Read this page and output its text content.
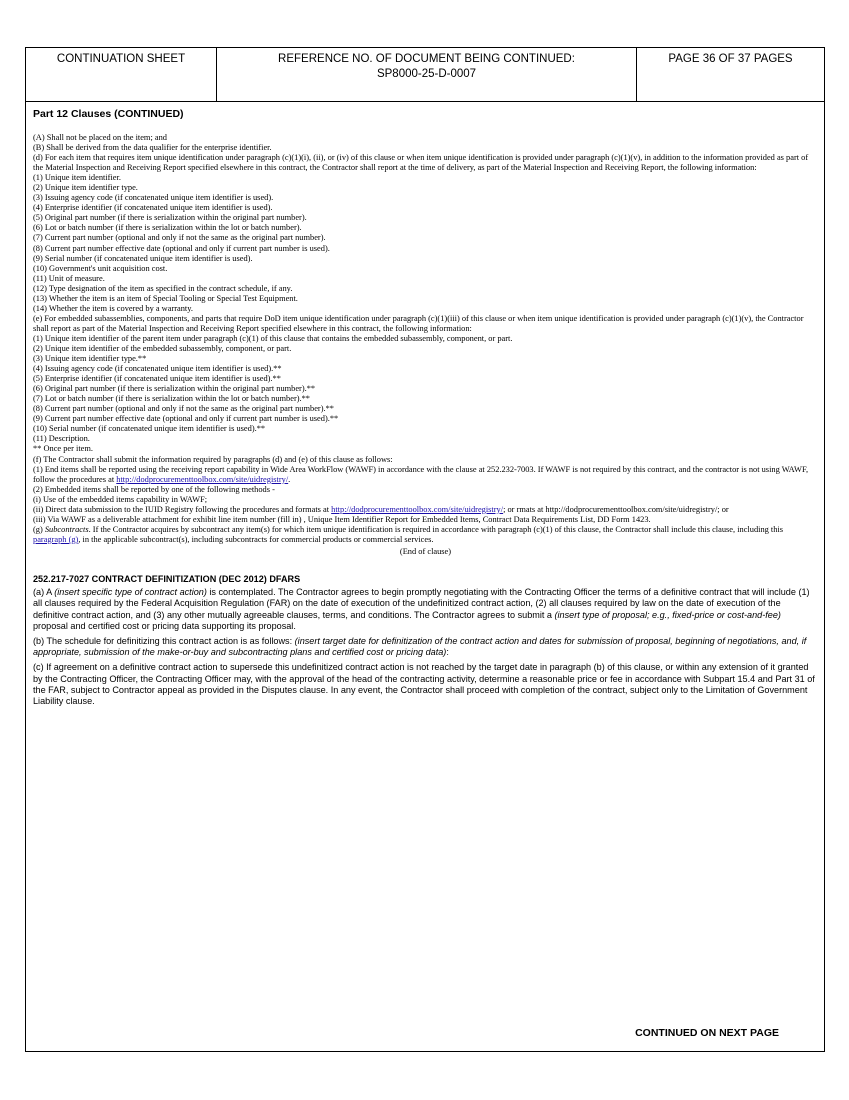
CONTINUATION SHEET	REFERENCE NO. OF DOCUMENT BEING CONTINUED:
SP8000-25-D-0007
PAGE 36 OF 37 PAGES
Part 12 Clauses (CONTINUED)

(A) Shall not be placed on the item; and

(B) Shall be derived from the data qualifier for the enterprise identifier.

(d) For each item that requires item unique identification under paragraph (c)(1)(i), (ii), or (iv) of this clause or when item unique identification is provided under paragraph (c)(1)(v), in addition to the information provided as part of the Material Inspection and Receiving Report specified elsewhere in this contract, the Contractor shall report at the time of delivery, as part of the Material Inspection and Receiving Report, the following information:

(1) Unique item identifier.

(2) Unique item identifier type.

(3) Issuing agency code (if concatenated unique item identifier is used).

(4) Enterprise identifier (if concatenated unique item identifier is used).

(5) Original part number (if there is serialization within the original part number).

(6) Lot or batch number (if there is serialization within the lot or batch number).

(7) Current part number (optional and only if not the same as the original part number).

(8) Current part number effective date (optional and only if current part number is used).

(9) Serial number (if concatenated unique item identifier is used).

(10) Government's unit acquisition cost.

(11) Unit of measure.

(12) Type designation of the item as specified in the contract schedule, if any.

(13) Whether the item is an item of Special Tooling or Special Test Equipment.

(14) Whether the item is covered by a warranty.

(e) For embedded subassemblies, components, and parts that require DoD item unique identification under paragraph (c)(1)(iii) of this clause or when item unique identification is provided under paragraph (c)(1)(v), the Contractor shall report as part of the Material Inspection and Receiving Report specified elsewhere in this contract, the following information:

(1) Unique item identifier of the parent item under paragraph (c)(1) of this clause that contains the embedded subassembly, component, or part.

(2) Unique item identifier of the embedded subassembly, component, or part.

(3) Unique item identifier type.**

(4) Issuing agency code (if concatenated unique item identifier is used).**

(5) Enterprise identifier (if concatenated unique item identifier is used).**

(6) Original part number (if there is serialization within the original part number).**

(7) Lot or batch number (if there is serialization within the lot or batch number).**

(8) Current part number (optional and only if not the same as the original part number).**

(9) Current part number effective date (optional and only if current part number is used).**

(10) Serial number (if concatenated unique item identifier is used).**

(11) Description.

** Once per item.

(f) The Contractor shall submit the information required by paragraphs (d) and (e) of this clause as follows:

(1) End items shall be reported using the receiving report capability in Wide Area WorkFlow (WAWF) in accordance with the clause at 252.232-7003. If WAWF is not required by this contract, and the contractor is not using WAWF, follow the procedures at http://dodprocurementtoolbox.com/site/uidregistry/.

(2) Embedded items shall be reported by one of the following methods -

(i) Use of the embedded items capability in WAWF;

(ii) Direct data submission to the IUID Registry following the procedures and formats at http://dodprocurementtoolbox.com/site/uidregistry/; or rmats at http://dodprocurementtoolbox.com/site/uidregistry/; or

(iii) Via WAWF as a deliverable attachment for exhibit line item number (fill in) , Unique Item Identifier Report for Embedded Items, Contract Data Requirements List, DD Form 1423.

(g) Subcontracts. If the Contractor acquires by subcontract any item(s) for which item unique identification is required in accordance with paragraph (c)(1) of this clause, the Contractor shall include this clause, including this paragraph (g), in the applicable subcontract(s), including subcontracts for commercial products or commercial services.

(End of clause)

252.217-7027 CONTRACT DEFINITIZATION (DEC 2012) DFARS

(a) A (insert specific type of contract action) is contemplated. The Contractor agrees to begin promptly negotiating with the Contracting Officer the terms of a definitive contract that will include (1) all clauses required by the Federal Acquisition Regulation (FAR) on the date of execution of the undefinitized contract action, (2) all clauses required by law on the date of execution of the definitive contract action, and (3) any other mutually agreeable clauses, terms, and conditions. The Contractor agrees to submit a (insert type of proposal; e.g., fixed-price or cost-and-fee) proposal and certified cost or pricing data supporting its proposal.

(b) The schedule for definitizing this contract action is as follows: (insert target date for definitization of the contract action and dates for submission of proposal, beginning of negotiations, and, if appropriate, submission of the make-or-buy and subcontracting plans and certified cost or pricing data):

(c) If agreement on a definitive contract action to supersede this undefinitized contract action is not reached by the target date in paragraph (b) of this clause, or within any extension of it granted by the Contracting Officer, the Contracting Officer may, with the approval of the head of the contracting activity, determine a reasonable price or fee in accordance with Subpart 15.4 and Part 31 of the FAR, subject to Contractor appeal as provided in the Disputes clause. In any event, the Contractor shall proceed with completion of the contract, subject only to the Limitation of Government Liability clause.

CONTINUED ON NEXT PAGE
